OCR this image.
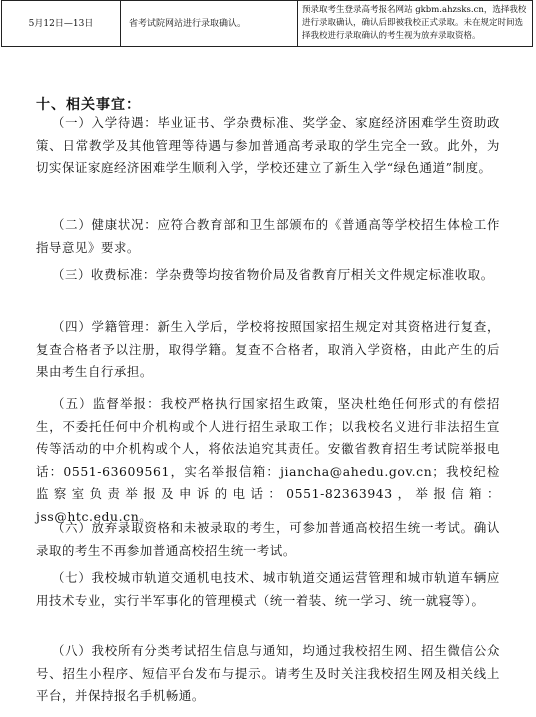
5月12日—13日	省考试院网站进行录取确认。	预录取考生登录高考报名网站 gkbm.ahzsks.cn，选择我校进行录取确认，确认后即被我校正式录取。未在规定时间选择我校进行录取确认的考生视为放弃录取资格。
十、相关事宜：

（一）入学待遇：毕业证书、学杂费标准、奖学金、家庭经济困难学生资助政策、日常教学及其他管理等待遇与参加普通高考录取的学生完全一致。此外，为切实保证家庭经济困难学生顺利入学，学校还建立了新生入学“绿色通道”制度。

（二）健康状况：应符合教育部和卫生部颁布的《普通高等学校招生体检工作指导意见》要求。

（三）收费标准：学杂费等均按省物价局及省教育厅相关文件规定标准收取。

（四）学籍管理：新生入学后，学校将按照国家招生规定对其资格进行复查，复查合格者予以注册，取得学籍。复查不合格者，取消入学资格，由此产生的后果由考生自行承担。

（五）监督举报：我校严格执行国家招生政策，坚决杜绝任何形式的有偿招生，不委托任何中介机构或个人进行招生录取工作；以我校名义进行非法招生宣传等活动的中介机构或个人，将依法追究其责任。安徽省教育招生考试院举报电话：0551-63609561，实名举报信箱：jiancha@ahedu.gov.cn；我校纪检监察室负责举报及申诉的电话：0551-82363943，举报信箱：jss@htc.edu.cn。

（六）放弃录取资格和未被录取的考生，可参加普通高校招生统一考试。确认录取的考生不再参加普通高校招生统一考试。

（七）我校城市轨道交通机电技术、城市轨道交通运营管理和城市轨道车辆应用技术专业，实行半军事化的管理模式（统一着装、统一学习、统一就寝等）。

（八）我校所有分类考试招生信息与通知，均通过我校招生网、招生微信公众号、招生小程序、短信平台发布与提示。请考生及时关注我校招生网及相关线上平台，并保持报名手机畅通。
